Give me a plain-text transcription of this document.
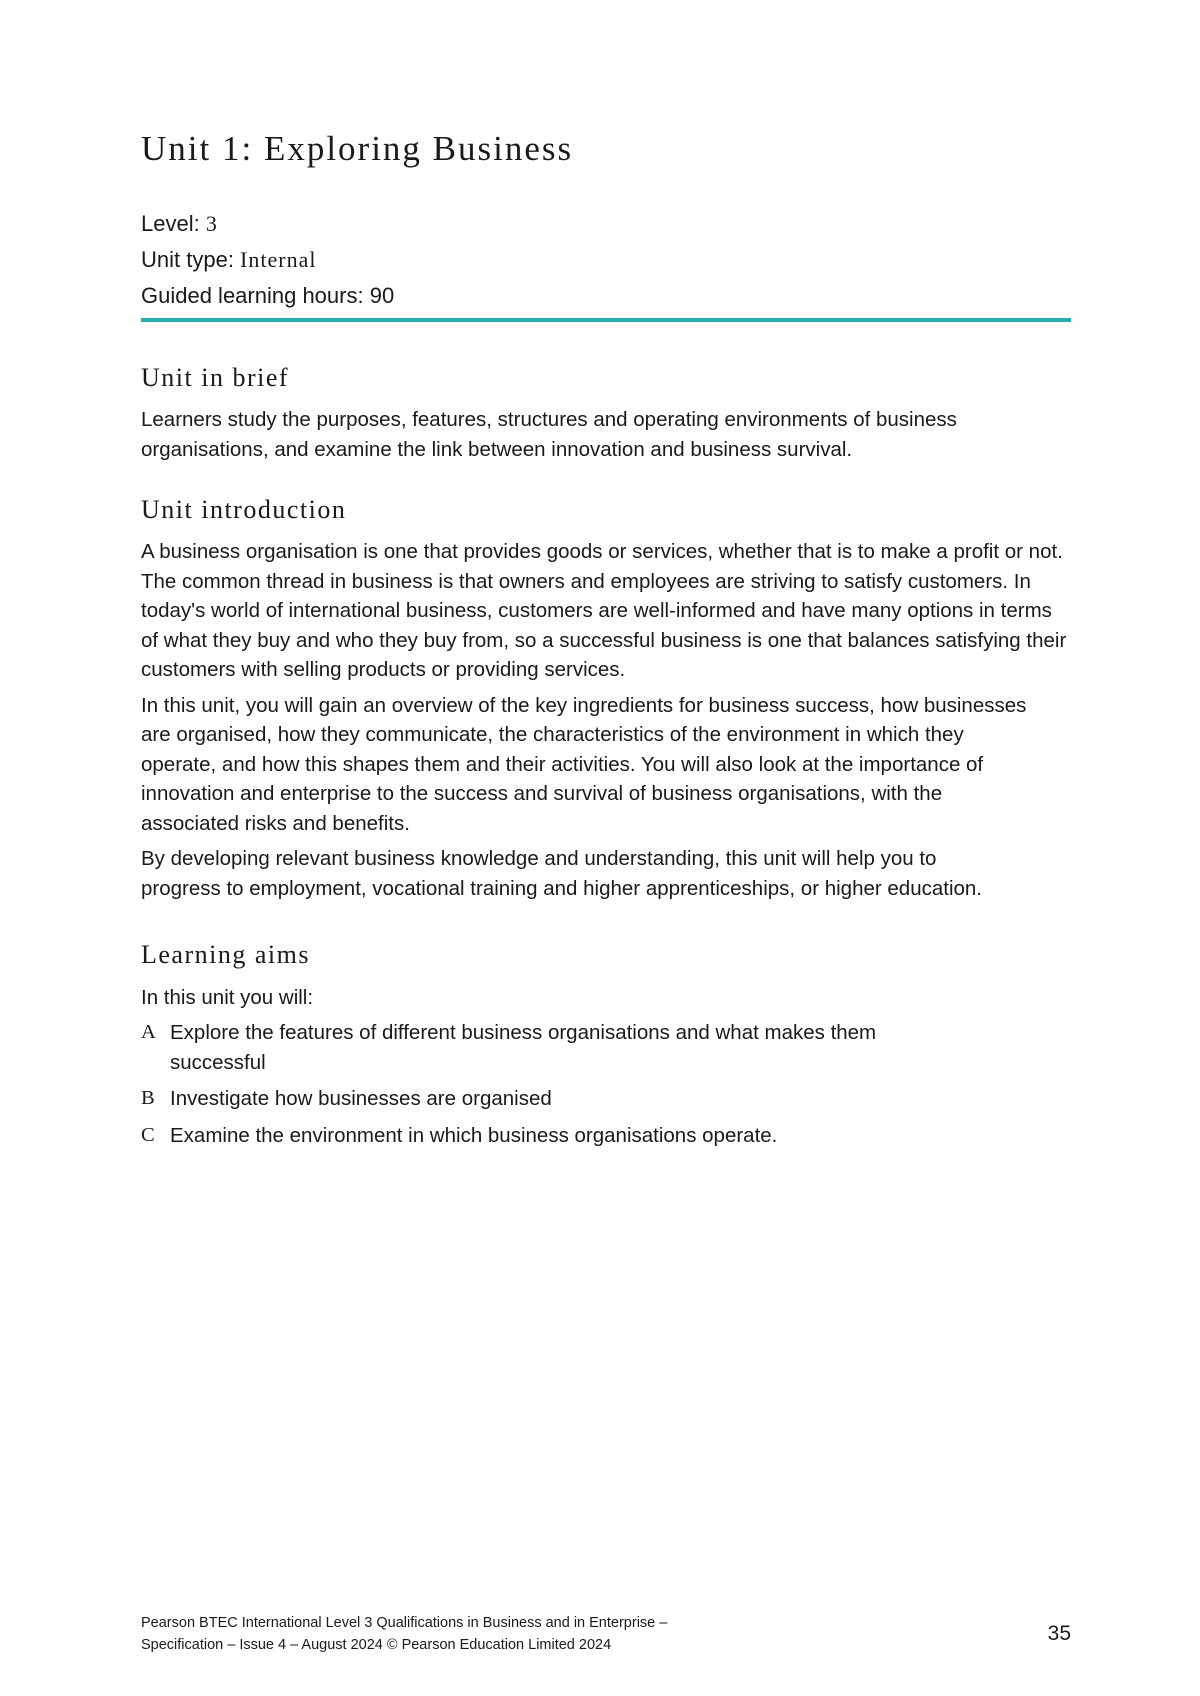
Unit 1: Exploring Business

Level: 3

Unit type: Internal

Guided learning hours: 90

Unit in brief

Learners study the purposes, features, structures and operating environments of business organisations, and examine the link between innovation and business survival.

Unit introduction

A business organisation is one that provides goods or services, whether that is to make a profit or not. The common thread in business is that owners and employees are striving to satisfy customers. In today's world of international business, customers are well-informed and have many options in terms of what they buy and who they buy from, so a successful business is one that balances satisfying their customers with selling products or providing services.

In this unit, you will gain an overview of the key ingredients for business success, how businesses are organised, how they communicate, the characteristics of the environment in which they operate, and how this shapes them and their activities. You will also look at the importance of innovation and enterprise to the success and survival of business organisations, with the associated risks and benefits.

By developing relevant business knowledge and understanding, this unit will help you to progress to employment, vocational training and higher apprenticeships, or higher education.

Learning aims

In this unit you will:

A Explore the features of different business organisations and what makes them successful
B Investigate how businesses are organised
C Examine the environment in which business organisations operate.
Pearson BTEC International Level 3 Qualifications in Business and in Enterprise –
Specification – Issue 4 – August 2024 © Pearson Education Limited 2024	35
